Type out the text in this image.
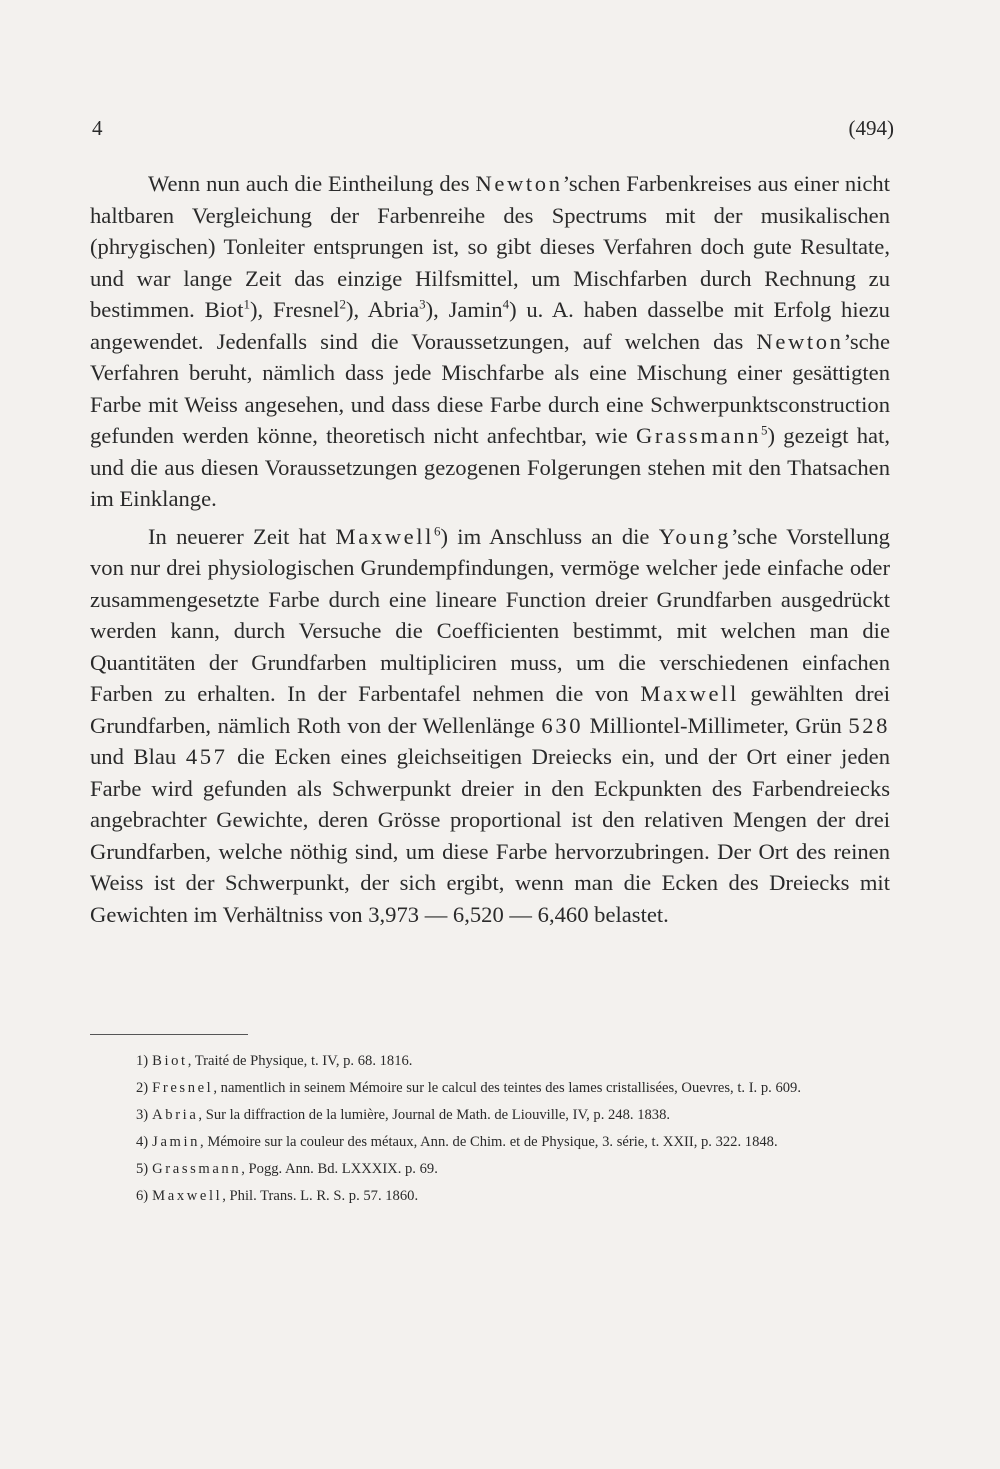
4	(494)

Wenn nun auch die Eintheilung des Newton’schen Farbenkreises aus einer nicht haltbaren Vergleichung der Farbenreihe des Spectrums mit der musikalischen (phrygischen) Tonleiter entsprungen ist, so gibt dieses Verfahren doch gute Resultate, und war lange Zeit das einzige Hilfsmittel, um Mischfarben durch Rechnung zu bestimmen. Biot$^1$), Fresnel$^2$), Abria$^3$), Jamin$^4$) u. A. haben dasselbe mit Erfolg hiezu angewendet. Jedenfalls sind die Voraussetzungen, auf welchen das Newton’sche Verfahren beruht, nämlich dass jede Mischfarbe als eine Mischung einer gesättigten Farbe mit Weiss angesehen, und dass diese Farbe durch eine Schwerpunktsconstruction gefunden werden könne, theoretisch nicht anfechtbar, wie Grassmann$^5$) gezeigt hat, und die aus diesen Voraussetzungen gezogenen Folgerungen stehen mit den Thatsachen im Einklange.

In neuerer Zeit hat Maxwell$^6$) im Anschluss an die Young’sche Vorstellung von nur drei physiologischen Grundempfindungen, vermöge welcher jede einfache oder zusammengesetzte Farbe durch eine lineare Function dreier Grundfarben ausgedrückt werden kann, durch Versuche die Coefficienten bestimmt, mit welchen man die Quantitäten der Grundfarben multipliciren muss, um die verschiedenen einfachen Farben zu erhalten. In der Farbentafel nehmen die von Maxwell gewählten drei Grundfarben, nämlich Roth von der Wellenlänge 630 Milliontel-Millimeter, Grün 528 und Blau 457 die Ecken eines gleichseitigen Dreiecks ein, und der Ort einer jeden Farbe wird gefunden als Schwerpunkt dreier in den Eckpunkten des Farbendreiecks angebrachter Gewichte, deren Grösse proportional ist den relativen Mengen der drei Grundfarben, welche nöthig sind, um diese Farbe hervorzubringen. Der Ort des reinen Weiss ist der Schwerpunkt, der sich ergibt, wenn man die Ecken des Dreiecks mit Gewichten im Verhältniss von 3,973 — 6,520 — 6,460 belastet.

1) Biot, Traité de Physique, t. IV, p. 68. 1816.

2) Fresnel, namentlich in seinem Mémoire sur le calcul des teintes des lames cristallisées, Ouevres, t. I. p. 609.

3) Abria, Sur la diffraction de la lumière, Journal de Math. de Liouville, IV, p. 248. 1838.

4) Jamin, Mémoire sur la couleur des métaux, Ann. de Chim. et de Physique, 3. série, t. XXII, p. 322. 1848.

5) Grassmann, Pogg. Ann. Bd. LXXXIX. p. 69.

6) Maxwell, Phil. Trans. L. R. S. p. 57. 1860.
